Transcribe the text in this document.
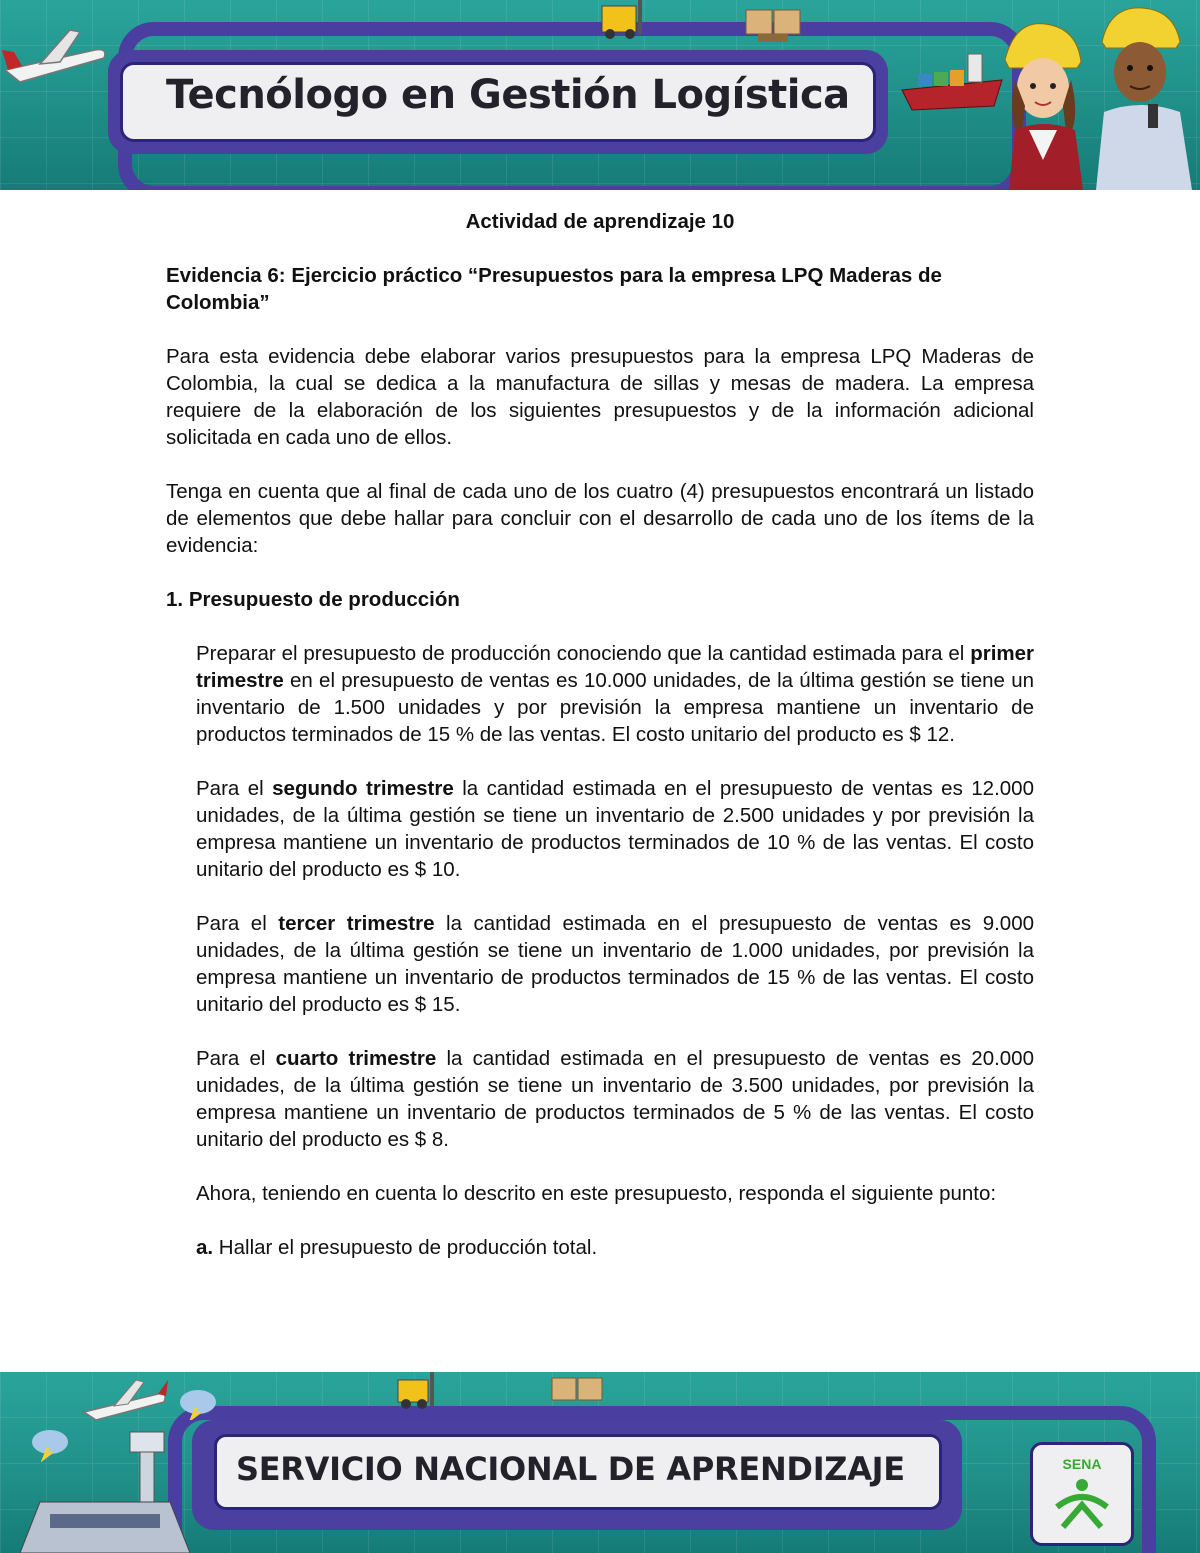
Tecnólogo en Gestión Logística

Actividad de aprendizaje 10

Evidencia 6: Ejercicio práctico “Presupuestos para la empresa LPQ Maderas de Colombia”

Para esta evidencia debe elaborar varios presupuestos para la empresa LPQ Maderas de Colombia, la cual se dedica a la manufactura de sillas y mesas de madera. La empresa requiere de la elaboración de los siguientes presupuestos y de la información adicional solicitada en cada uno de ellos.

Tenga en cuenta que al final de cada uno de los cuatro (4) presupuestos encontrará un listado de elementos que debe hallar para concluir con el desarrollo de cada uno de los ítems de la evidencia:

1. Presupuesto de producción

Preparar el presupuesto de producción conociendo que la cantidad estimada para el primer trimestre en el presupuesto de ventas es 10.000 unidades, de la última gestión se tiene un inventario de 1.500 unidades y por previsión la empresa mantiene un inventario de productos terminados de 15 % de las ventas. El costo unitario del producto es $ 12.

Para el segundo trimestre la cantidad estimada en el presupuesto de ventas es 12.000 unidades, de la última gestión se tiene un inventario de 2.500 unidades y por previsión la empresa mantiene un inventario de productos terminados de 10 % de las ventas. El costo unitario del producto es $ 10.

Para el tercer trimestre la cantidad estimada en el presupuesto de ventas es 9.000 unidades, de la última gestión se tiene un inventario de 1.000 unidades, por previsión la empresa mantiene un inventario de productos terminados de 15 % de las ventas. El costo unitario del producto es $ 15.

Para el cuarto trimestre la cantidad estimada en el presupuesto de ventas es 20.000 unidades, de la última gestión se tiene un inventario de 3.500 unidades, por previsión la empresa mantiene un inventario de productos terminados de 5 % de las ventas. El costo unitario del producto es $ 8.

Ahora, teniendo en cuenta lo descrito en este presupuesto, responda el siguiente punto:

a. Hallar el presupuesto de producción total.

SERVICIO NACIONAL DE APRENDIZAJE	SENA
